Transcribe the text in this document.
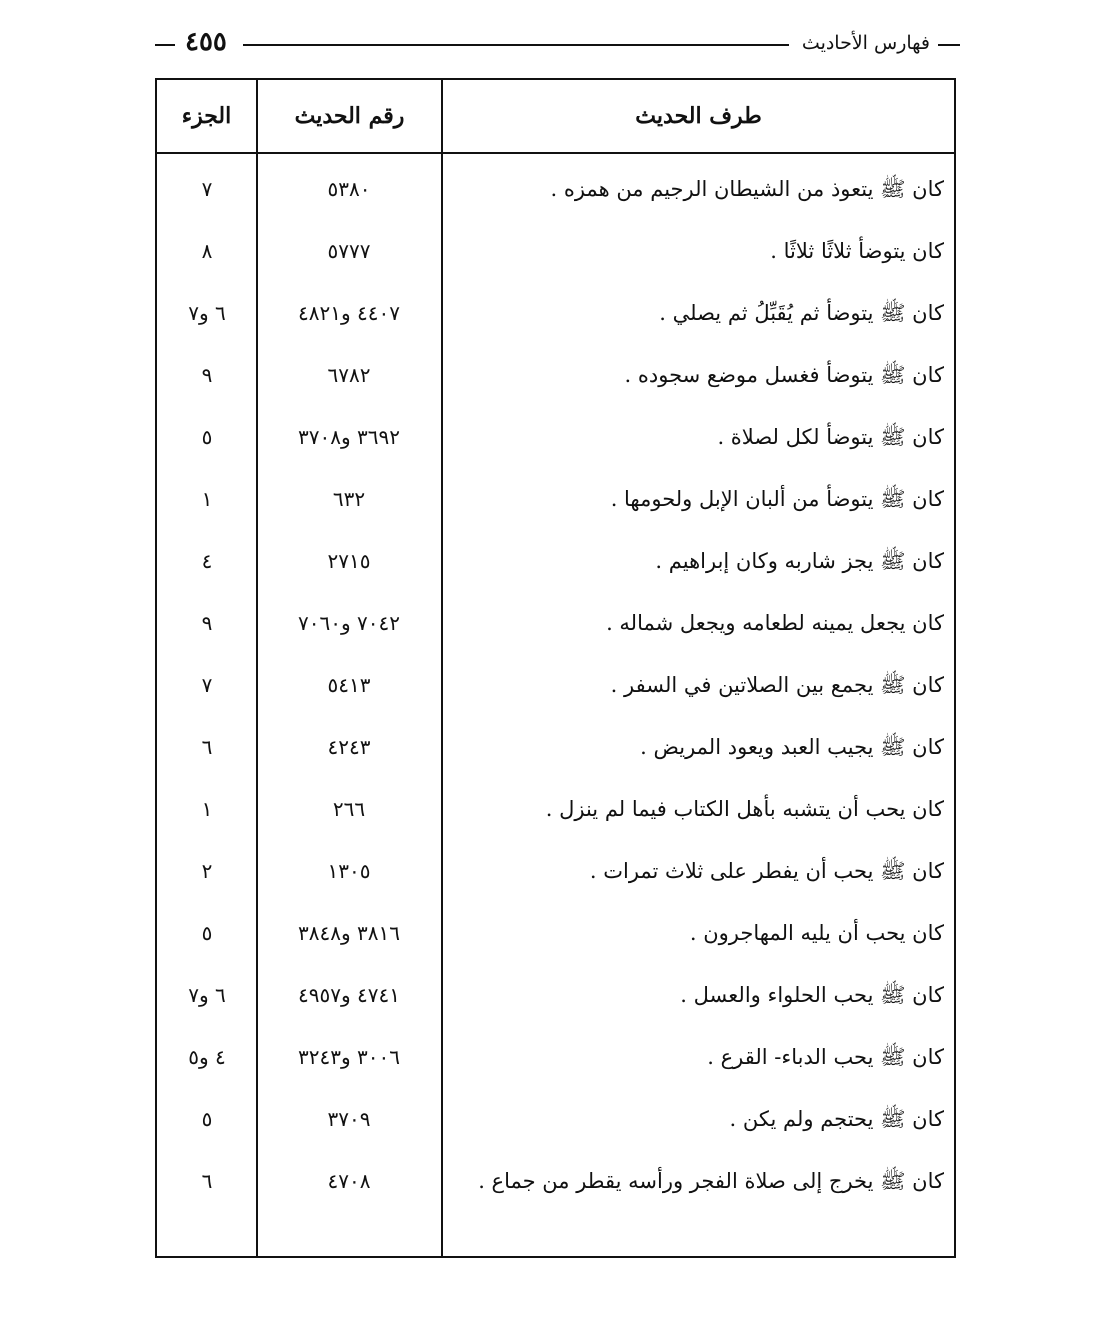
٤٥٥	فهارس الأحاديث
طرف الحديث
رقم الحديث
الجزء
كان ﷺ يتعوذ من الشيطان الرجيم من همزه .
٥٣٨٠
٧
كان يتوضأ ثلاثًا ثلاثًا .
٥٧٧٧
٨
كان ﷺ يتوضأ ثم يُقَبِّلُ ثم يصلي .
٤٤٠٧ و٤٨٢١
٦ و٧
كان ﷺ يتوضأ فغسل موضع سجوده .
٦٧٨٢
٩
كان ﷺ يتوضأ لكل لصلاة .
٣٦٩٢ و٣٧٠٨
٥
كان ﷺ يتوضأ من ألبان الإبل ولحومها .
٦٣٢
١
كان ﷺ يجز شاربه وكان إبراهيم .
٢٧١٥
٤
كان يجعل يمينه لطعامه ويجعل شماله .
٧٠٤٢ و٧٠٦٠
٩
كان ﷺ يجمع بين الصلاتين في السفر .
٥٤١٣
٧
كان ﷺ يجيب العبد ويعود المريض .
٤٢٤٣
٦
كان يحب أن يتشبه بأهل الكتاب فيما لم ينزل .
٢٦٦
١
كان ﷺ يحب أن يفطر على ثلاث تمرات .
١٣٠٥
٢
كان يحب أن يليه المهاجرون .
٣٨١٦ و٣٨٤٨
٥
كان ﷺ يحب الحلواء والعسل .
٤٧٤١ و٤٩٥٧
٦ و٧
كان ﷺ يحب الدباء- القرع .
٣٠٠٦ و٣٢٤٣
٤ و٥
كان ﷺ يحتجم ولم يكن .
٣٧٠٩
٥
كان ﷺ يخرج إلى صلاة الفجر ورأسه يقطر من جماع .
٤٧٠٨
٦
